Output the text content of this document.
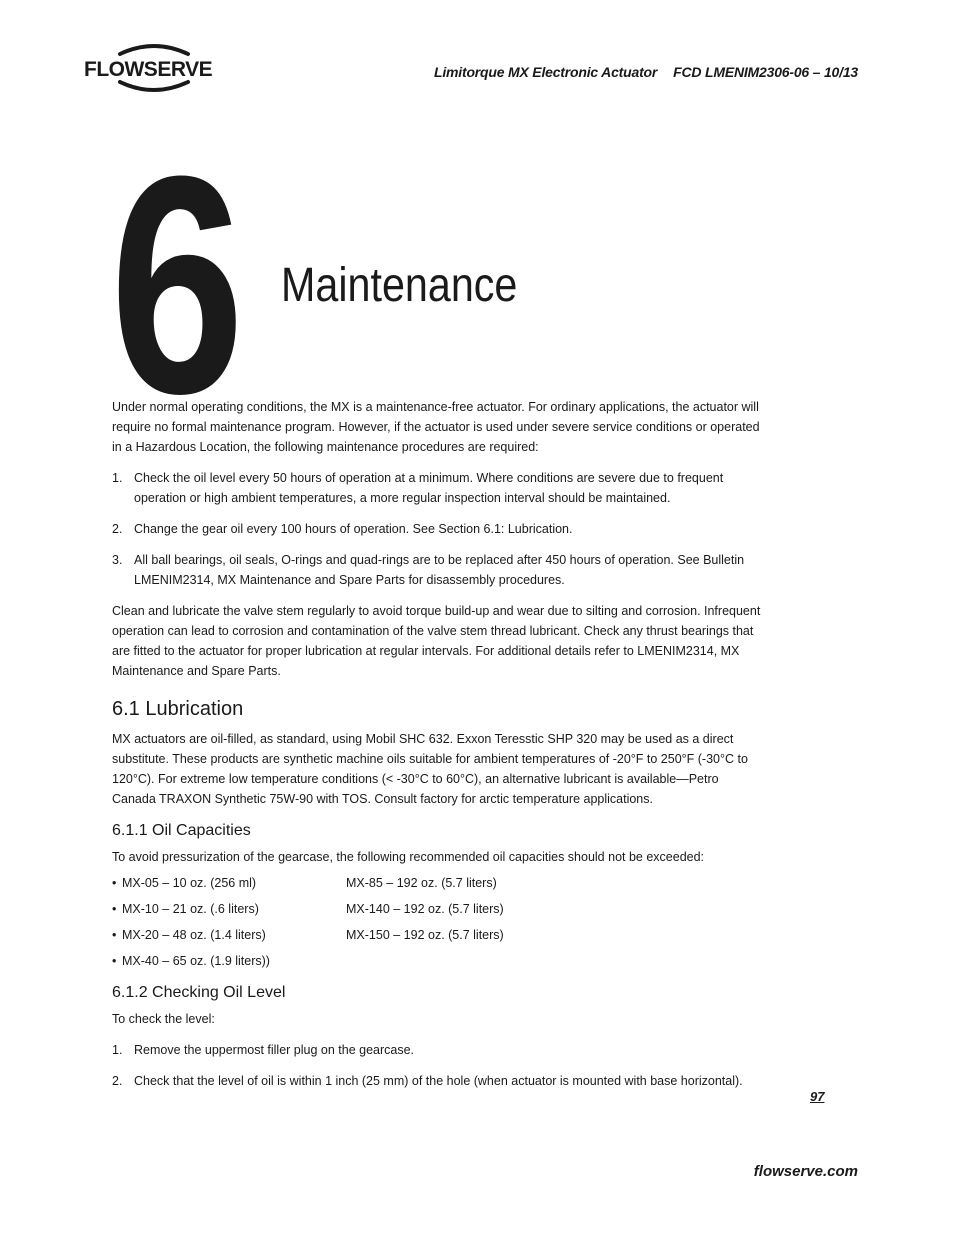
FLOWSERVE	Limitorque MX Electronic Actuator FCD LMENIM2306-06 – 10/13
6 Maintenance

Under normal operating conditions, the MX is a maintenance-free actuator. For ordinary applications, the actuator will require no formal maintenance program. However, if the actuator is used under severe service conditions or operated in a Hazardous Location, the following maintenance procedures are required:

1. Check the oil level every 50 hours of operation at a minimum. Where conditions are severe due to frequent operation or high ambient temperatures, a more regular inspection interval should be maintained.
2. Change the gear oil every 100 hours of operation. See Section 6.1: Lubrication.
3. All ball bearings, oil seals, O-rings and quad-rings are to be replaced after 450 hours of operation. See Bulletin LMENIM2314, MX Maintenance and Spare Parts for disassembly procedures.

Clean and lubricate the valve stem regularly to avoid torque build-up and wear due to silting and corrosion. Infrequent operation can lead to corrosion and contamination of the valve stem thread lubricant. Check any thrust bearings that are fitted to the actuator for proper lubrication at regular intervals. For additional details refer to LMENIM2314, MX Maintenance and Spare Parts.

6.1 Lubrication

MX actuators are oil-filled, as standard, using Mobil SHC 632. Exxon Teresstic SHP 320 may be used as a direct substitute. These products are synthetic machine oils suitable for ambient temperatures of -20°F to 250°F (-30°C to 120°C). For extreme low temperature conditions (< -30°C to 60°C), an alternative lubricant is available—Petro Canada TRAXON Synthetic 75W-90 with TOS. Consult factory for arctic temperature applications.

6.1.1 Oil Capacities

To avoid pressurization of the gearcase, the following recommended oil capacities should not be exceeded:

• MX-05 – 10 oz. (256 ml)	MX-85 – 192 oz. (5.7 liters)
• MX-10 – 21 oz. (.6 liters)	MX-140 – 192 oz. (5.7 liters)
• MX-20 – 48 oz. (1.4 liters)	MX-150 – 192 oz. (5.7 liters)
• MX-40 – 65 oz. (1.9 liters))
6.1.2 Checking Oil Level

To check the level:

1. Remove the uppermost filler plug on the gearcase.
2. Check that the level of oil is within 1 inch (25 mm) of the hole (when actuator is mounted with base horizontal).
97
flowserve.com
